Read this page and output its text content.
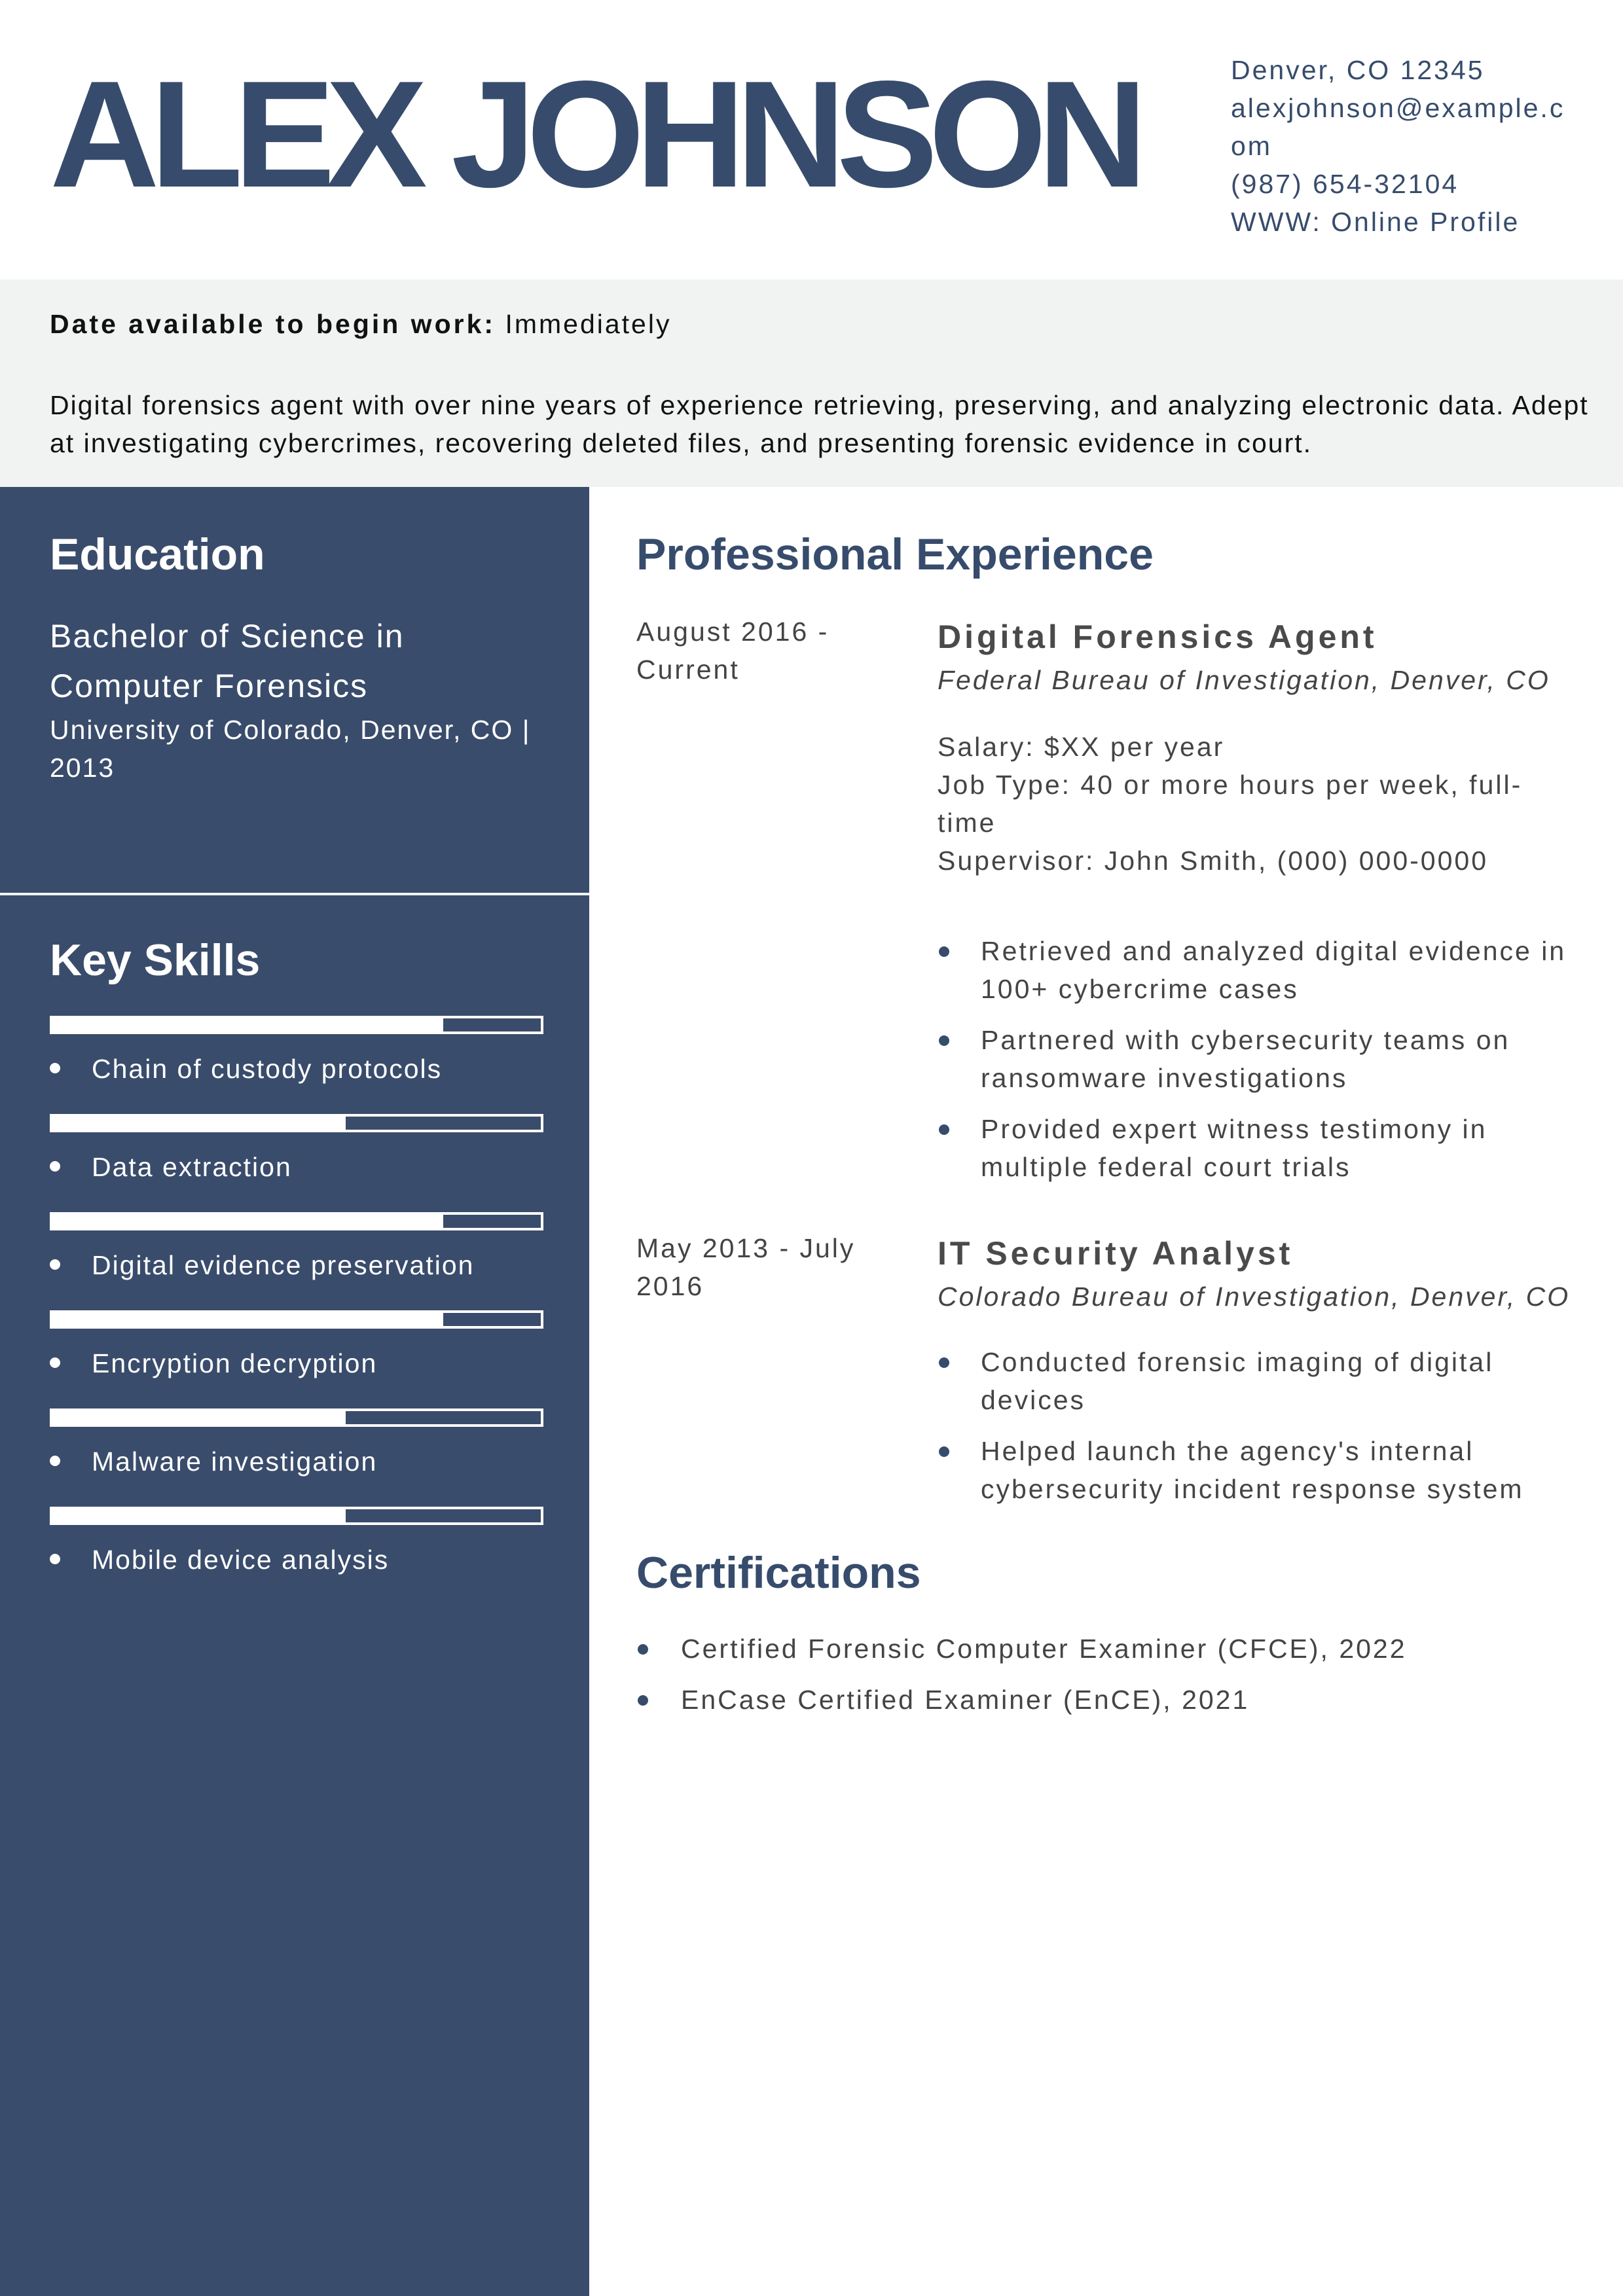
ALEX JOHNSON	Denver, CO 12345
alexjohnson@example.com
(987) 654-32104
WWW: Online Profile
Date available to begin work: Immediately
Digital forensics agent with over nine years of experience retrieving, preserving, and analyzing electronic data. Adept at investigating cybercrimes, recovering deleted files, and presenting forensic evidence in court.
Education
Bachelor of Science in Computer Forensics
University of Colorado, Denver, CO | 2013
Key Skills
Chain of custody protocols
Data extraction
Digital evidence preservation
Encryption decryption
Malware investigation
Mobile device analysis
Professional Experience
August 2016 - Current
Digital Forensics Agent
Federal Bureau of Investigation, Denver, CO
Salary: $XX per year
Job Type: 40 or more hours per week, full-time
Supervisor: John Smith, (000) 000-0000
Retrieved and analyzed digital evidence in 100+ cybercrime cases
Partnered with cybersecurity teams on ransomware investigations
Provided expert witness testimony in multiple federal court trials
May 2013 - July 2016
IT Security Analyst
Colorado Bureau of Investigation, Denver, CO
Conducted forensic imaging of digital devices
Helped launch the agency's internal cybersecurity incident response system
Certifications
Certified Forensic Computer Examiner (CFCE), 2022
EnCase Certified Examiner (EnCE), 2021
